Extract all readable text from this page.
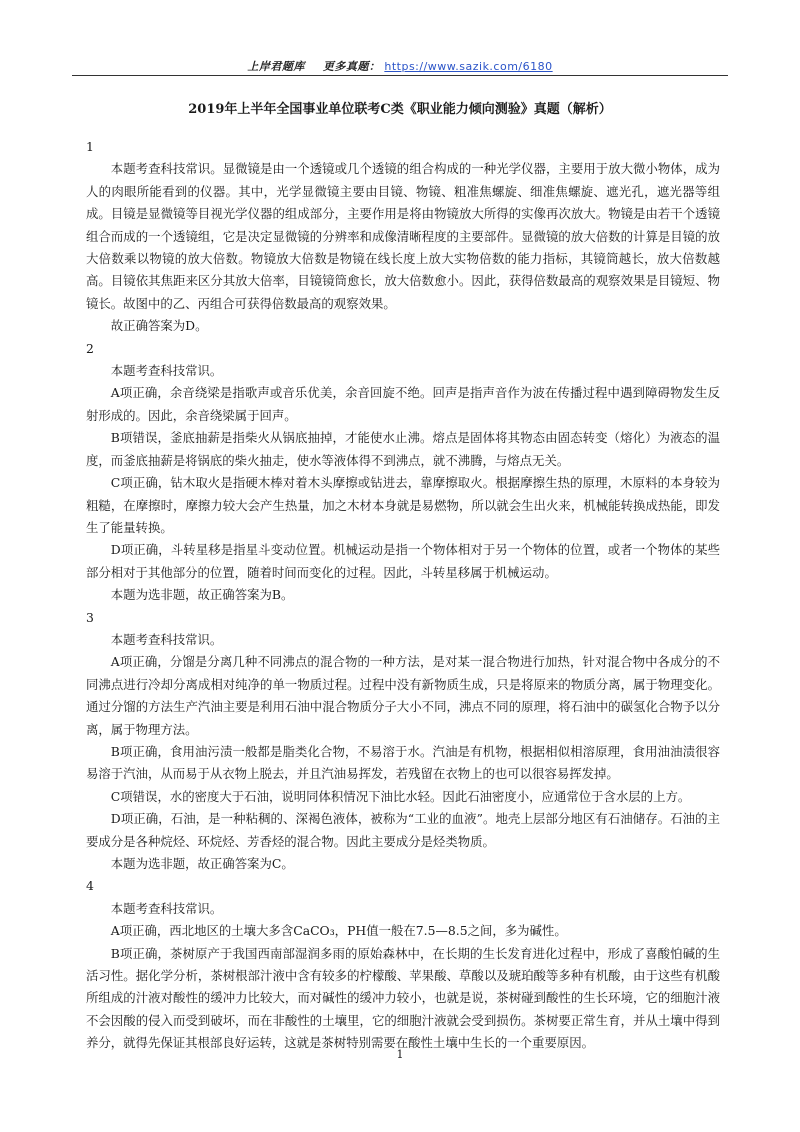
上岸君题库 更多真题： https://www.sazik.com/6180
2019年上半年全国事业单位联考C类《职业能力倾向测验》真题（解析）

1

本题考查科技常识。显微镜是由一个透镜或几个透镜的组合构成的一种光学仪器，主要用于放大微小物体，成为人的肉眼所能看到的仪器。其中，光学显微镜主要由目镜、物镜、粗准焦螺旋、细准焦螺旋、遮光孔，遮光器等组成。目镜是显微镜等目视光学仪器的组成部分，主要作用是将由物镜放大所得的实像再次放大。物镜是由若干个透镜组合而成的一个透镜组，它是决定显微镜的分辨率和成像清晰程度的主要部件。显微镜的放大倍数的计算是目镜的放大倍数乘以物镜的放大倍数。物镜放大倍数是物镜在线长度上放大实物倍数的能力指标，其镜筒越长，放大倍数越高。目镜依其焦距来区分其放大倍率，目镜镜筒愈长，放大倍数愈小。因此，获得倍数最高的观察效果是目镜短、物镜长。故图中的乙、丙组合可获得倍数最高的观察效果。

故正确答案为D。

2

本题考查科技常识。

A项正确，余音绕梁是指歌声或音乐优美，余音回旋不绝。回声是指声音作为波在传播过程中遇到障碍物发生反射形成的。因此，余音绕梁属于回声。

B项错误，釜底抽薪是指柴火从锅底抽掉，才能使水止沸。熔点是固体将其物态由固态转变（熔化）为液态的温度，而釜底抽薪是将锅底的柴火抽走，使水等液体得不到沸点，就不沸腾，与熔点无关。

C项正确，钻木取火是指硬木棒对着木头摩擦或钻进去，靠摩擦取火。根据摩擦生热的原理，木原料的本身较为粗糙，在摩擦时，摩擦力较大会产生热量，加之木材本身就是易燃物，所以就会生出火来，机械能转换成热能，即发生了能量转换。

D项正确，斗转星移是指星斗变动位置。机械运动是指一个物体相对于另一个物体的位置，或者一个物体的某些部分相对于其他部分的位置，随着时间而变化的过程。因此，斗转星移属于机械运动。

本题为选非题，故正确答案为B。

3

本题考查科技常识。

A项正确，分馏是分离几种不同沸点的混合物的一种方法，是对某一混合物进行加热，针对混合物中各成分的不同沸点进行冷却分离成相对纯净的单一物质过程。过程中没有新物质生成，只是将原来的物质分离，属于物理变化。通过分馏的方法生产汽油主要是利用石油中混合物质分子大小不同，沸点不同的原理，将石油中的碳氢化合物予以分离，属于物理方法。

B项正确，食用油污渍一般都是脂类化合物，不易溶于水。汽油是有机物，根据相似相溶原理，食用油油渍很容易溶于汽油，从而易于从衣物上脱去，并且汽油易挥发，若残留在衣物上的也可以很容易挥发掉。

C项错误，水的密度大于石油，说明同体积情况下油比水轻。因此石油密度小，应通常位于含水层的上方。

D项正确，石油，是一种粘稠的、深褐色液体，被称为“工业的血液”。地壳上层部分地区有石油储存。石油的主要成分是各种烷烃、环烷烃、芳香烃的混合物。因此主要成分是烃类物质。

本题为选非题，故正确答案为C。

4

本题考查科技常识。

A项正确，西北地区的土壤大多含CaCO₃，PH值一般在7.5—8.5之间，多为碱性。

B项正确，茶树原产于我国西南部湿润多雨的原始森林中，在长期的生长发育进化过程中，形成了喜酸怕碱的生活习性。据化学分析，茶树根部汁液中含有较多的柠檬酸、苹果酸、草酸以及琥珀酸等多种有机酸，由于这些有机酸所组成的汁液对酸性的缓冲力比较大，而对碱性的缓冲力较小，也就是说，茶树碰到酸性的生长环境，它的细胞汁液不会因酸的侵入而受到破坏，而在非酸性的土壤里，它的细胞汁液就会受到损伤。茶树要正常生育，并从土壤中得到养分，就得先保证其根部良好运转，这就是茶树特别需要在酸性土壤中生长的一个重要原因。

1
